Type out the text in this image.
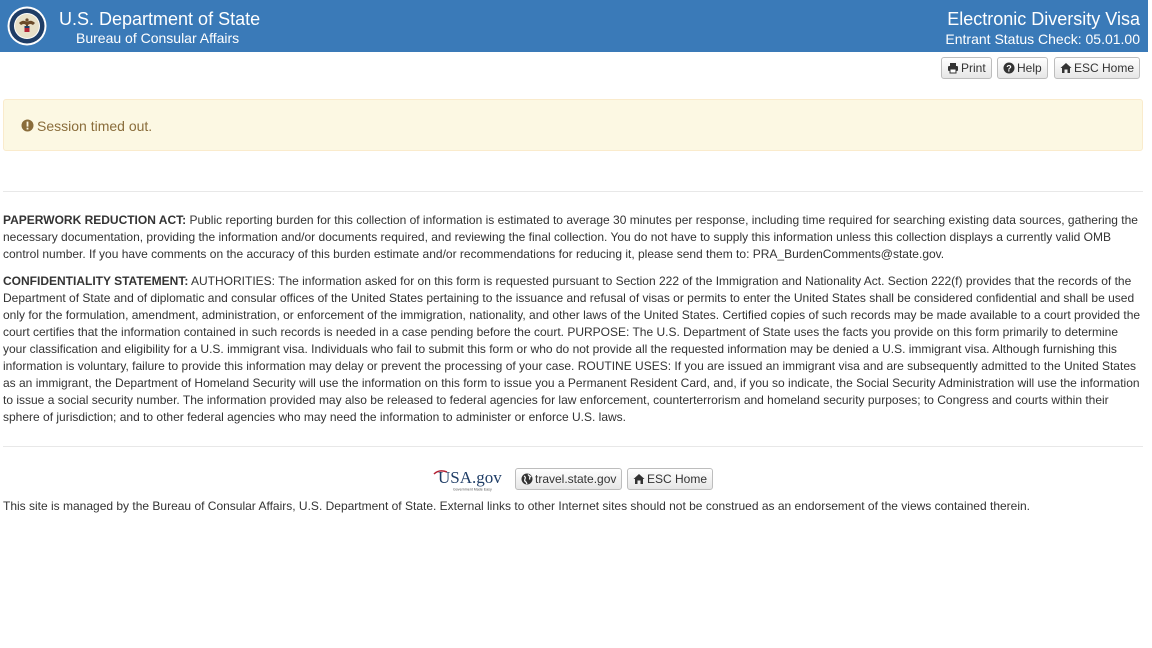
U.S. Department of State
Bureau of Consular Affairs
Electronic Diversity Visa
Entrant Status Check: 05.01.00
Print	? Help	ESC Home
Session timed out.

PAPERWORK REDUCTION ACT: Public reporting burden for this collection of information is estimated to average 30 minutes per response, including time required for searching existing data sources, gathering the necessary documentation, providing the information and/or documents required, and reviewing the final collection. You do not have to supply this information unless this collection displays a currently valid OMB control number. If you have comments on the accuracy of this burden estimate and/or recommendations for reducing it, please send them to: PRA_BurdenComments@state.gov.

CONFIDENTIALITY STATEMENT: AUTHORITIES: The information asked for on this form is requested pursuant to Section 222 of the Immigration and Nationality Act. Section 222(f) provides that the records of the Department of State and of diplomatic and consular offices of the United States pertaining to the issuance and refusal of visas or permits to enter the United States shall be considered confidential and shall be used only for the formulation, amendment, administration, or enforcement of the immigration, nationality, and other laws of the United States. Certified copies of such records may be made available to a court provided the court certifies that the information contained in such records is needed in a case pending before the court. PURPOSE: The U.S. Department of State uses the facts you provide on this form primarily to determine your classification and eligibility for a U.S. immigrant visa. Individuals who fail to submit this form or who do not provide all the requested information may be denied a U.S. immigrant visa. Although furnishing this information is voluntary, failure to provide this information may delay or prevent the processing of your case. ROUTINE USES: If you are issued an immigrant visa and are subsequently admitted to the United States as an immigrant, the Department of Homeland Security will use the information on this form to issue you a Permanent Resident Card, and, if you so indicate, the Social Security Administration will use the information to issue a social security number. The information provided may also be released to federal agencies for law enforcement, counterterrorism and homeland security purposes; to Congress and courts within their sphere of jurisdiction; and to other federal agencies who may need the information to administer or enforce U.S. laws.

USA.gov
Government Made Easy
travel.state.gov	ESC Home
This site is managed by the Bureau of Consular Affairs, U.S. Department of State. External links to other Internet sites should not be construed as an endorsement of the views contained therein.
